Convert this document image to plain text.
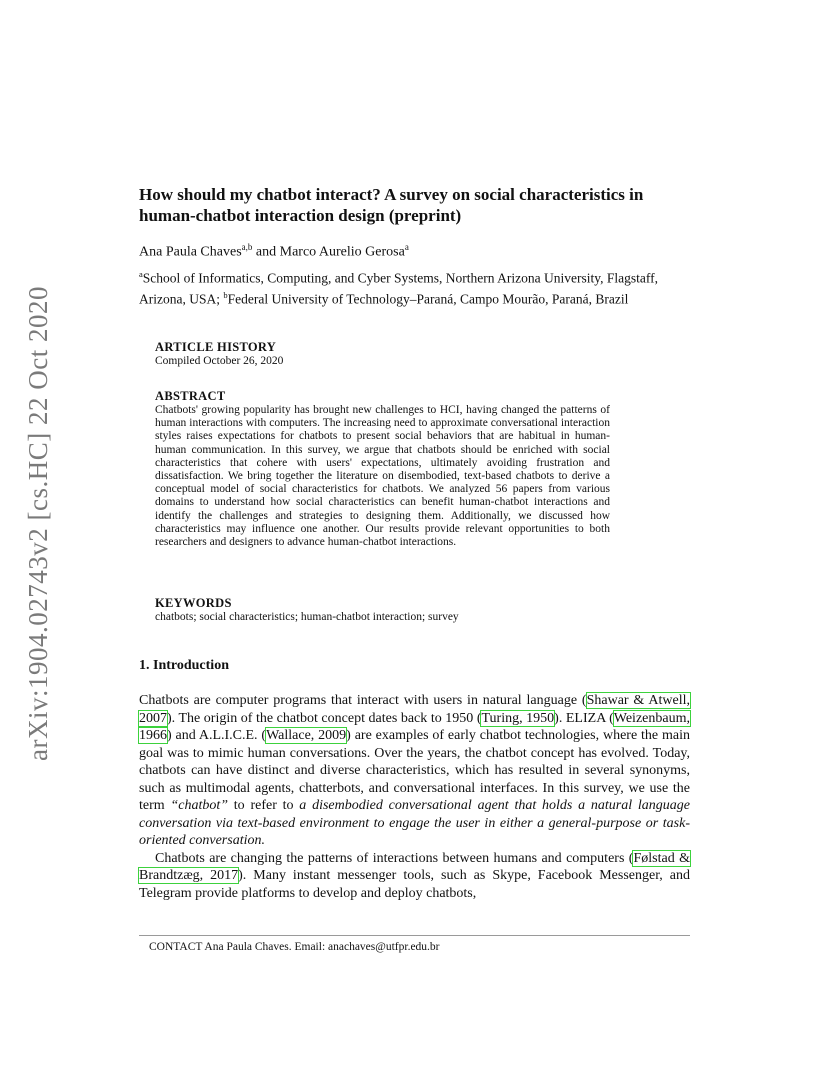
arXiv:1904.02743v2 [cs.HC] 22 Oct 2020
How should my chatbot interact? A survey on social characteristics in human-chatbot interaction design (preprint)
Ana Paula Chaves$^{a,b}$ and Marco Aurelio Gerosa$^a$
$^a$School of Informatics, Computing, and Cyber Systems, Northern Arizona University, Flagstaff, Arizona, USA; $^b$Federal University of Technology–Paraná, Campo Mourão, Paraná, Brazil
ARTICLE HISTORY

Compiled October 26, 2020

ABSTRACT

Chatbots' growing popularity has brought new challenges to HCI, having changed the patterns of human interactions with computers. The increasing need to approximate conversational interaction styles raises expectations for chatbots to present social behaviors that are habitual in human-human communication. In this survey, we argue that chatbots should be enriched with social characteristics that cohere with users' expectations, ultimately avoiding frustration and dissatisfaction. We bring together the literature on disembodied, text-based chatbots to derive a conceptual model of social characteristics for chatbots. We analyzed 56 papers from various domains to understand how social characteristics can benefit human-chatbot interactions and identify the challenges and strategies to designing them. Additionally, we discussed how characteristics may influence one another. Our results provide relevant opportunities to both researchers and designers to advance human-chatbot interactions.

KEYWORDS

chatbots; social characteristics; human-chatbot interaction; survey

1. Introduction

Chatbots are computer programs that interact with users in natural language (Shawar & Atwell, 2007). The origin of the chatbot concept dates back to 1950 (Turing, 1950). ELIZA (Weizenbaum, 1966) and A.L.I.C.E. (Wallace, 2009) are examples of early chatbot technologies, where the main goal was to mimic human conversations. Over the years, the chatbot concept has evolved. Today, chatbots can have distinct and diverse characteristics, which has resulted in several synonyms, such as multimodal agents, chatterbots, and conversational interfaces. In this survey, we use the term “chatbot” to refer to a disembodied conversational agent that holds a natural language conversation via text-based environment to engage the user in either a general-purpose or task-oriented conversation.

Chatbots are changing the patterns of interactions between humans and computers (Følstad & Brandtzæg, 2017). Many instant messenger tools, such as Skype, Facebook Messenger, and Telegram provide platforms to develop and deploy chatbots,

CONTACT Ana Paula Chaves. Email: anachaves@utfpr.edu.br
